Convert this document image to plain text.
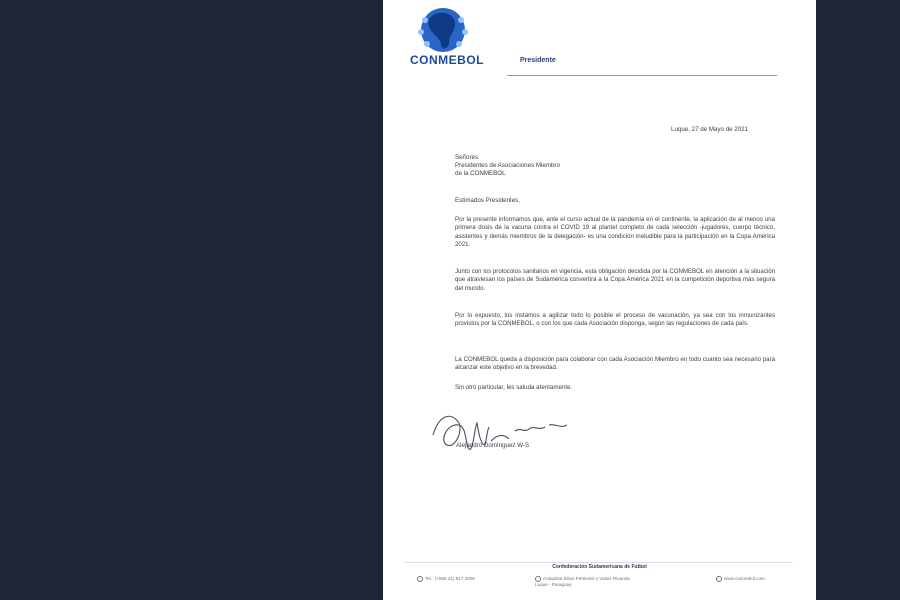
CONMEBOL	Presidente
Luque, 27 de Mayo de 2021
Señores
Presidentes de Asociaciones Miembro
de la CONMEBOL
Estimados Presidentes,
Por la presente informamos que, ante el curso actual de la pandemia en el continente, la aplicación de al menos una primera dosis de la vacuna contra el COVID 19 al plantel completo de cada selección -jugadores, cuerpo técnico, asistentes y demás miembros de la delegación- es una condición ineludible para la participación en la Copa América 2021.
Junto con los protocolos sanitarios en vigencia, esta obligación decidida por la CONMEBOL en atención a la situación que atraviesan los países de Sudamérica convertirá a la Copa América 2021 en la competición deportiva más segura del mundo.
Por lo expuesto, los instamos a agilizar todo lo posible el proceso de vacunación, ya sea con los inmunizantes provistos por la CONMEBOL, o con los que cada Asociación disponga, según las regulaciones de cada país.
La CONMEBOL queda a disposición para colaborar con cada Asociación Miembro en todo cuanto sea necesario para alcanzar este objetivo en la brevedad.
Sin otro particular, les saluda atentamente.
Alejandro Domínguez W-S
Confederación Sudamericana de Fútbol
Tel.: (+595 21) 517 2000	Autopista Silvio Pettirossi y Valois Rivarola
Luque - Paraguay
www.conmebol.com
